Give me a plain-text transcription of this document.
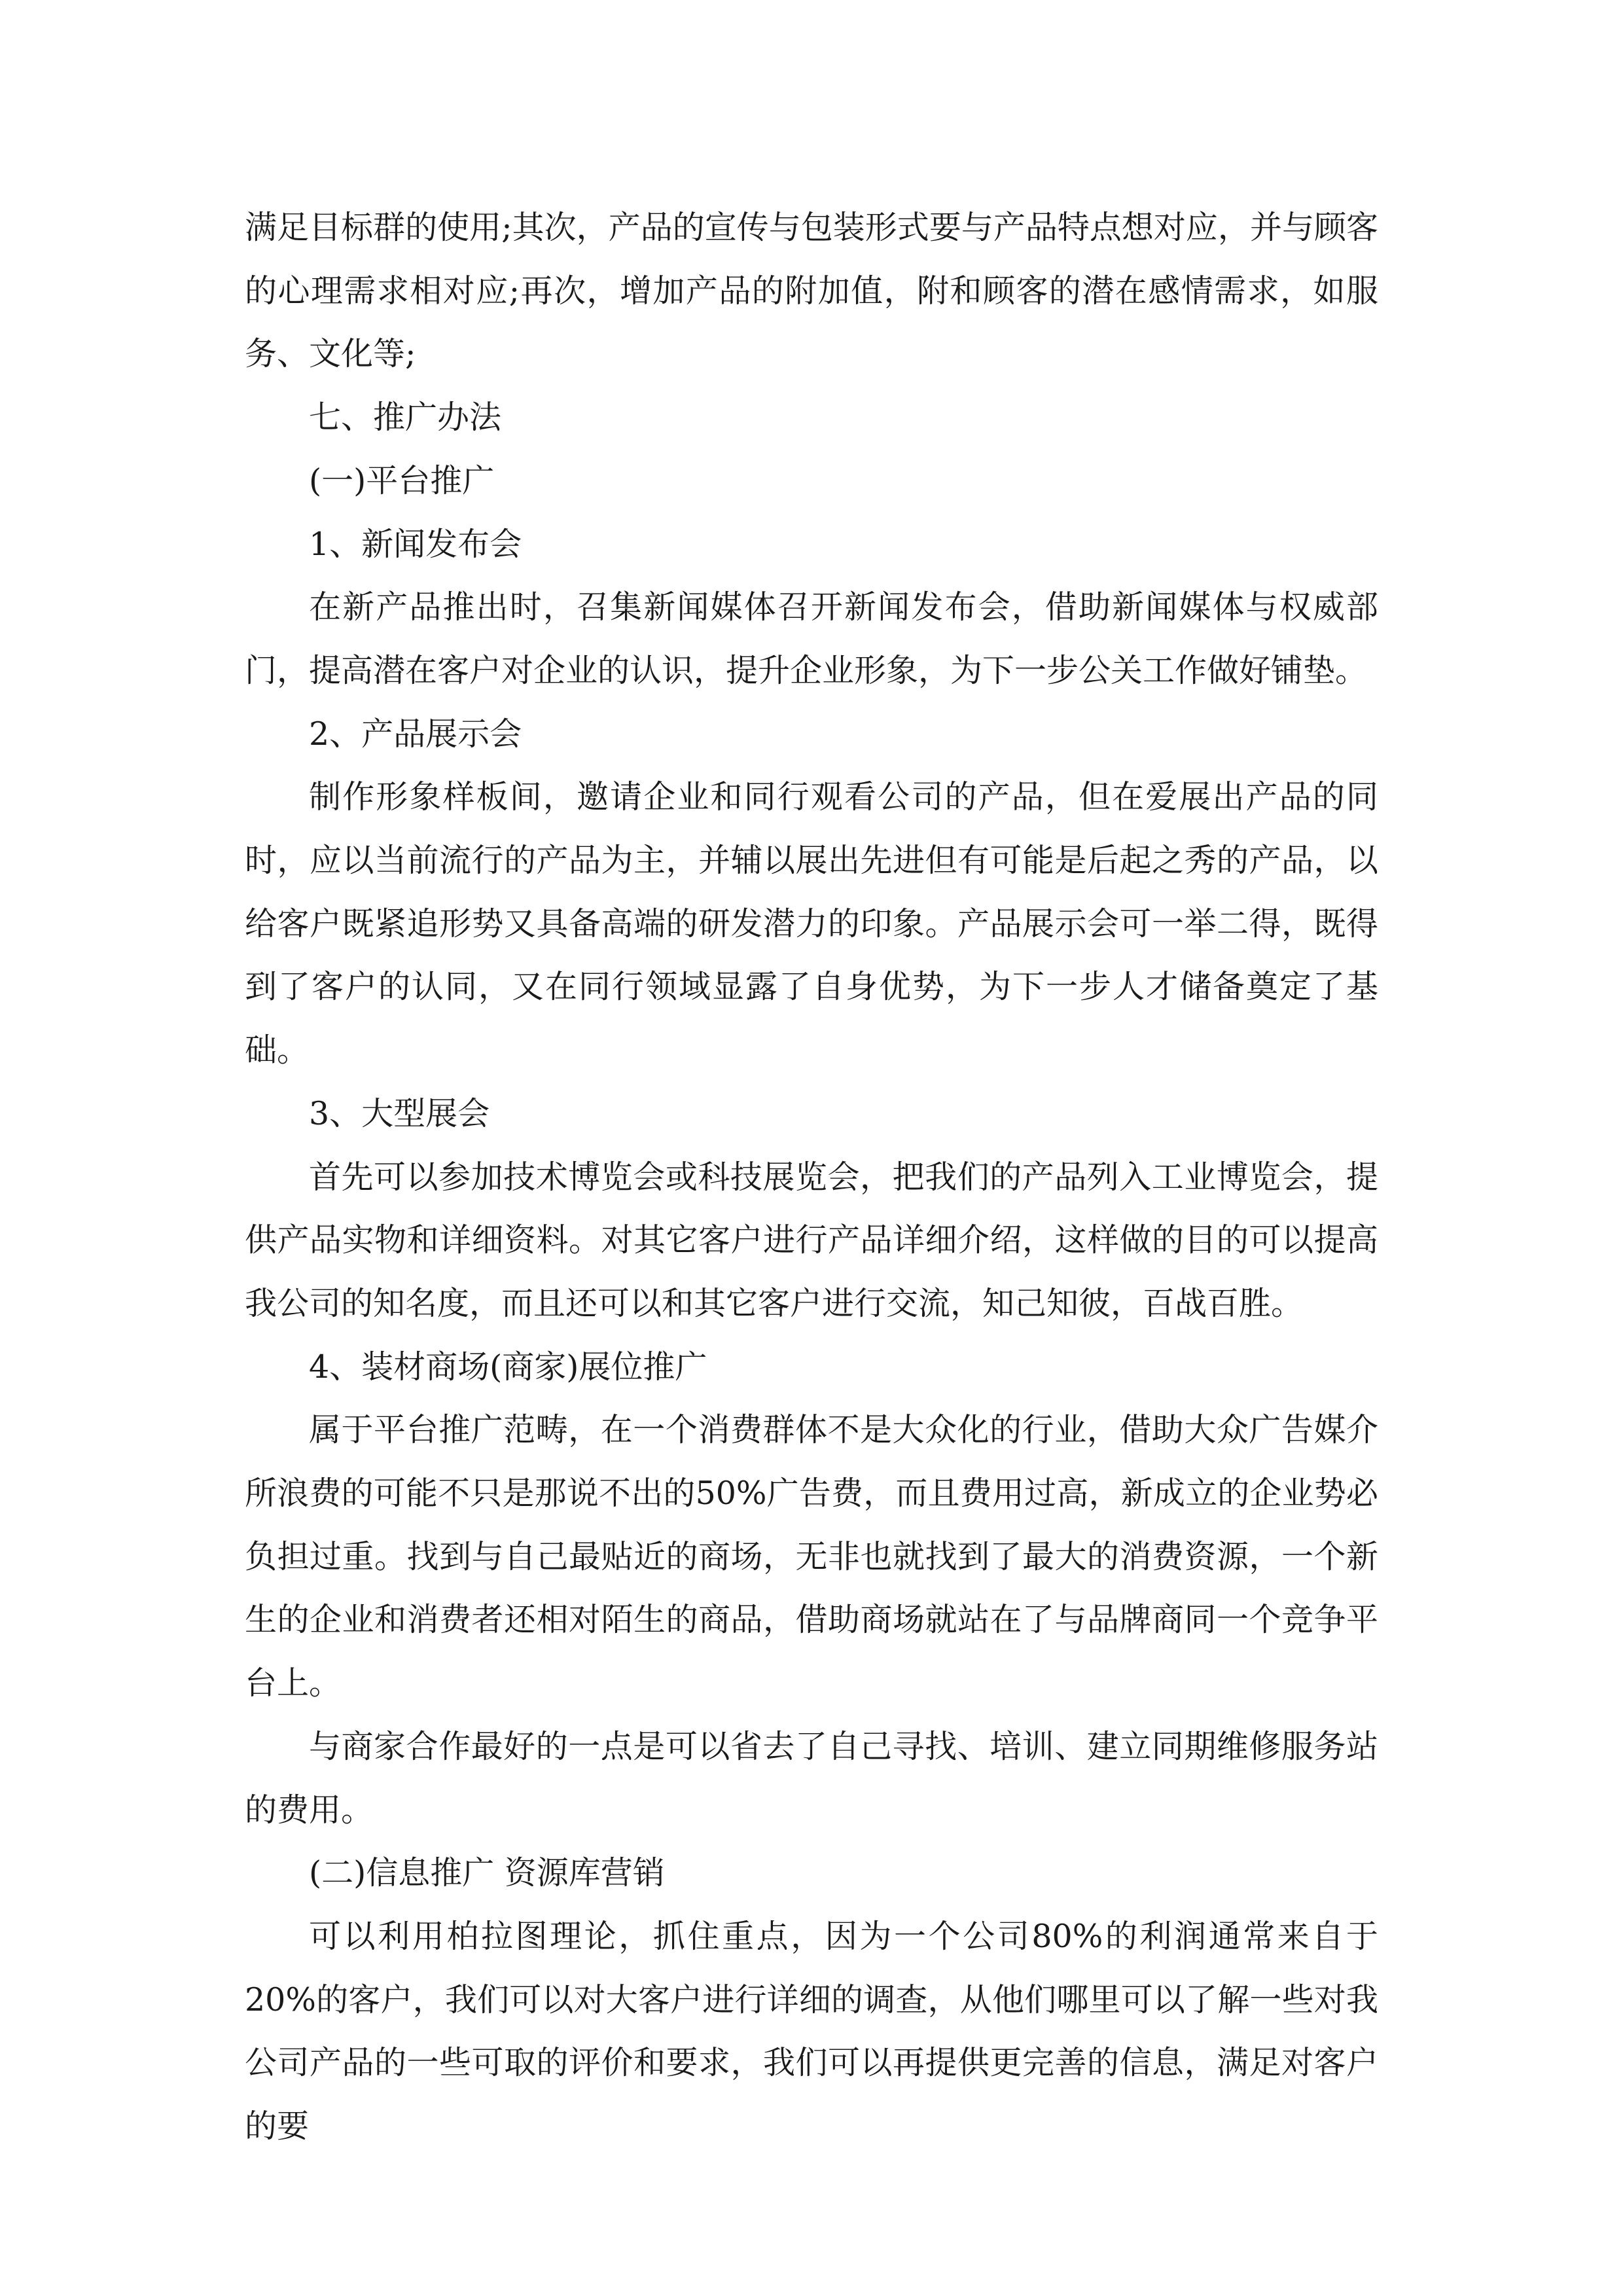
满足目标群的使用;其次，产品的宣传与包装形式要与产品特点想对应，并与顾客的心理需求相对应;再次，增加产品的附加值，附和顾客的潜在感情需求，如服务、文化等;

七、推广办法

(一)平台推广

1、新闻发布会

在新产品推出时，召集新闻媒体召开新闻发布会，借助新闻媒体与权威部门，提高潜在客户对企业的认识，提升企业形象，为下一步公关工作做好铺垫。

2、产品展示会

制作形象样板间，邀请企业和同行观看公司的产品，但在爱展出产品的同时，应以当前流行的产品为主，并辅以展出先进但有可能是后起之秀的产品，以给客户既紧追形势又具备高端的研发潜力的印象。产品展示会可一举二得，既得到了客户的认同，又在同行领域显露了自身优势，为下一步人才储备奠定了基础。

3、大型展会

首先可以参加技术博览会或科技展览会，把我们的产品列入工业博览会，提供产品实物和详细资料。对其它客户进行产品详细介绍，这样做的目的可以提高我公司的知名度，而且还可以和其它客户进行交流，知己知彼，百战百胜。

4、装材商场(商家)展位推广

属于平台推广范畴，在一个消费群体不是大众化的行业，借助大众广告媒介所浪费的可能不只是那说不出的50%广告费，而且费用过高，新成立的企业势必负担过重。找到与自己最贴近的商场，无非也就找到了最大的消费资源，一个新生的企业和消费者还相对陌生的商品，借助商场就站在了与品牌商同一个竞争平台上。

与商家合作最好的一点是可以省去了自己寻找、培训、建立同期维修服务站的费用。

(二)信息推广 资源库营销

可以利用柏拉图理论，抓住重点，因为一个公司80%的利润通常来自于20%的客户，我们可以对大客户进行详细的调查，从他们哪里可以了解一些对我公司产品的一些可取的评价和要求，我们可以再提供更完善的信息，满足对客户的要
